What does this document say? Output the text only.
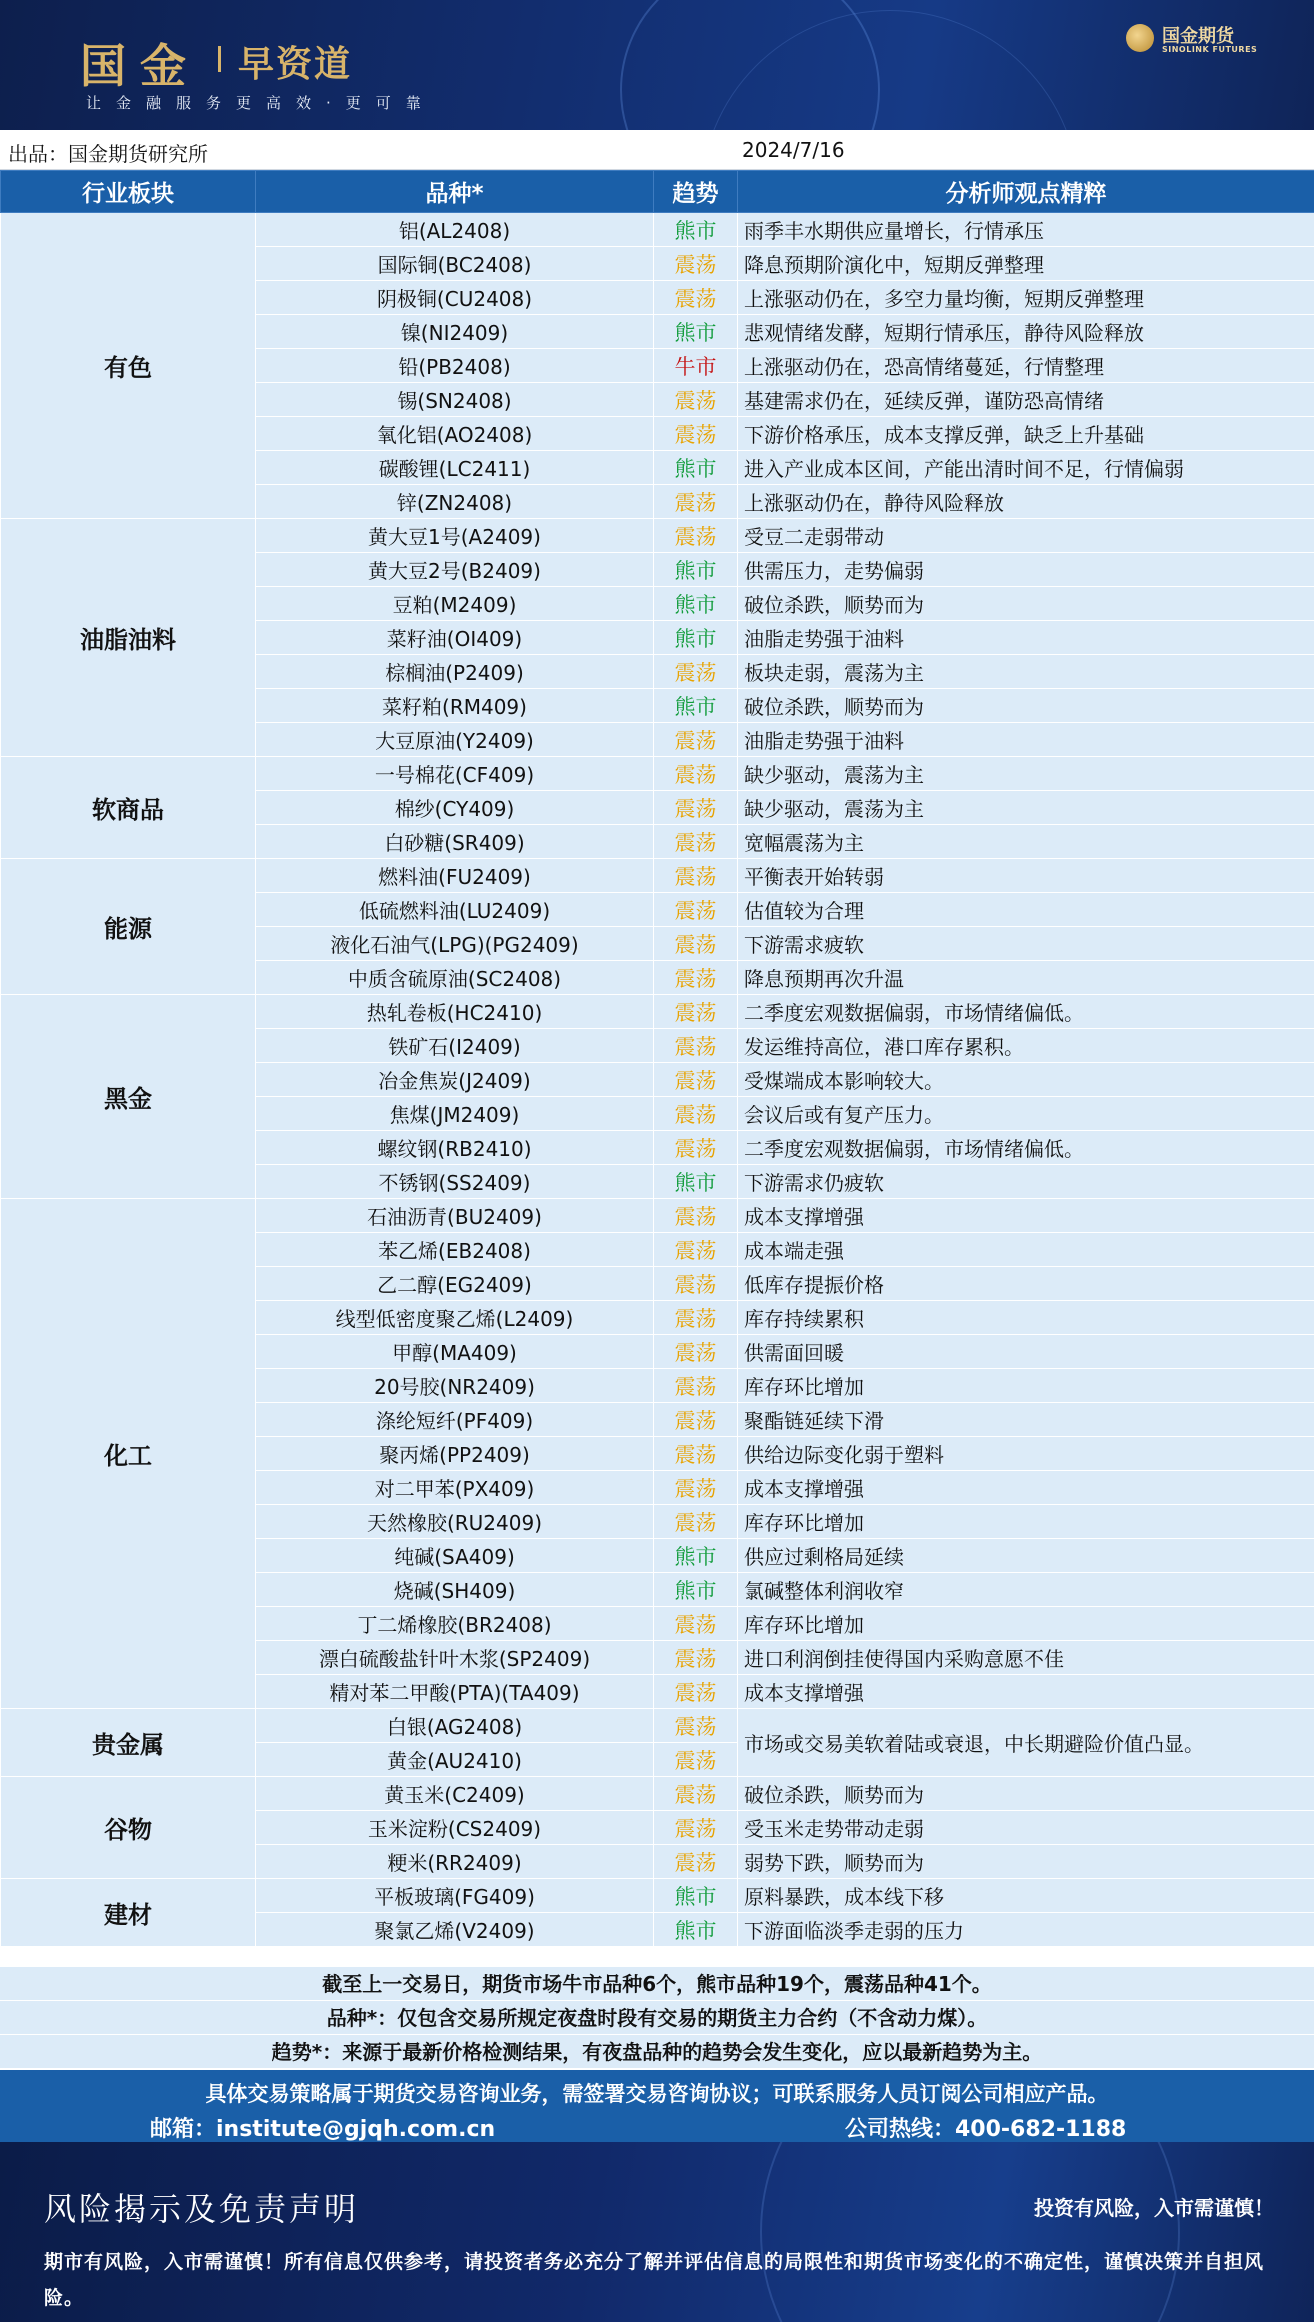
国金 早资道
让金融服务更高效·更可靠
国金期货
SINOLINK FUTURES
出品：国金期货研究所	2024/7/16
行业板块	品种*	趋势	分析师观点精粹
有色	铝(AL2408)	熊市	雨季丰水期供应量增长，行情承压
	国际铜(BC2408)	震荡	降息预期阶演化中，短期反弹整理
	阴极铜(CU2408)	震荡	上涨驱动仍在，多空力量均衡，短期反弹整理
	镍(NI2409)	熊市	悲观情绪发酵，短期行情承压，静待风险释放
	铅(PB2408)	牛市	上涨驱动仍在，恐高情绪蔓延，行情整理
	锡(SN2408)	震荡	基建需求仍在，延续反弹，谨防恐高情绪
	氧化铝(AO2408)	震荡	下游价格承压，成本支撑反弹，缺乏上升基础
	碳酸锂(LC2411)	熊市	进入产业成本区间，产能出清时间不足，行情偏弱
	锌(ZN2408)	震荡	上涨驱动仍在，静待风险释放
油脂油料	黄大豆1号(A2409)	震荡	受豆二走弱带动
	黄大豆2号(B2409)	熊市	供需压力，走势偏弱
	豆粕(M2409)	熊市	破位杀跌，顺势而为
	菜籽油(OI409)	熊市	油脂走势强于油料
	棕榈油(P2409)	震荡	板块走弱，震荡为主
	菜籽粕(RM409)	熊市	破位杀跌，顺势而为
	大豆原油(Y2409)	震荡	油脂走势强于油料
软商品	一号棉花(CF409)	震荡	缺少驱动，震荡为主
	棉纱(CY409)	震荡	缺少驱动，震荡为主
	白砂糖(SR409)	震荡	宽幅震荡为主
能源	燃料油(FU2409)	震荡	平衡表开始转弱
	低硫燃料油(LU2409)	震荡	估值较为合理
	液化石油气(LPG)(PG2409)	震荡	下游需求疲软
	中质含硫原油(SC2408)	震荡	降息预期再次升温
黑金	热轧卷板(HC2410)	震荡	二季度宏观数据偏弱，市场情绪偏低。
	铁矿石(I2409)	震荡	发运维持高位，港口库存累积。
	冶金焦炭(J2409)	震荡	受煤端成本影响较大。
	焦煤(JM2409)	震荡	会议后或有复产压力。
	螺纹钢(RB2410)	震荡	二季度宏观数据偏弱，市场情绪偏低。
	不锈钢(SS2409)	熊市	下游需求仍疲软
化工	石油沥青(BU2409)	震荡	成本支撑增强
	苯乙烯(EB2408)	震荡	成本端走强
	乙二醇(EG2409)	震荡	低库存提振价格
	线型低密度聚乙烯(L2409)	震荡	库存持续累积
	甲醇(MA409)	震荡	供需面回暖
	20号胶(NR2409)	震荡	库存环比增加
	涤纶短纤(PF409)	震荡	聚酯链延续下滑
	聚丙烯(PP2409)	震荡	供给边际变化弱于塑料
	对二甲苯(PX409)	震荡	成本支撑增强
	天然橡胶(RU2409)	震荡	库存环比增加
	纯碱(SA409)	熊市	供应过剩格局延续
	烧碱(SH409)	熊市	氯碱整体利润收窄
	丁二烯橡胶(BR2408)	震荡	库存环比增加
	漂白硫酸盐针叶木浆(SP2409)	震荡	进口利润倒挂使得国内采购意愿不佳
	精对苯二甲酸(PTA)(TA409)	震荡	成本支撑增强
贵金属	白银(AG2408)	震荡	市场或交易美软着陆或衰退，中长期避险价值凸显。
	黄金(AU2410)	震荡	
谷物	黄玉米(C2409)	震荡	破位杀跌，顺势而为
	玉米淀粉(CS2409)	震荡	受玉米走势带动走弱
	粳米(RR2409)	震荡	弱势下跌，顺势而为
建材	平板玻璃(FG409)	熊市	原料暴跌，成本线下移
	聚氯乙烯(V2409)	熊市	下游面临淡季走弱的压力
截至上一交易日，期货市场牛市品种6个，熊市品种19个，震荡品种41个。
品种*：仅包含交易所规定夜盘时段有交易的期货主力合约（不含动力煤）。
趋势*：来源于最新价格检测结果，有夜盘品种的趋势会发生变化，应以最新趋势为主。
具体交易策略属于期货交易咨询业务，需签署交易咨询协议；可联系服务人员订阅公司相应产品。
邮箱：institute@gjqh.com.cn	公司热线：400-682-1188
风险揭示及免责声明	投资有风险，入市需谨慎！
期市有风险，入市需谨慎！所有信息仅供参考，请投资者务必充分了解并评估信息的局限性和期货市场变化的不确定性，谨慎决策并自担风险。
